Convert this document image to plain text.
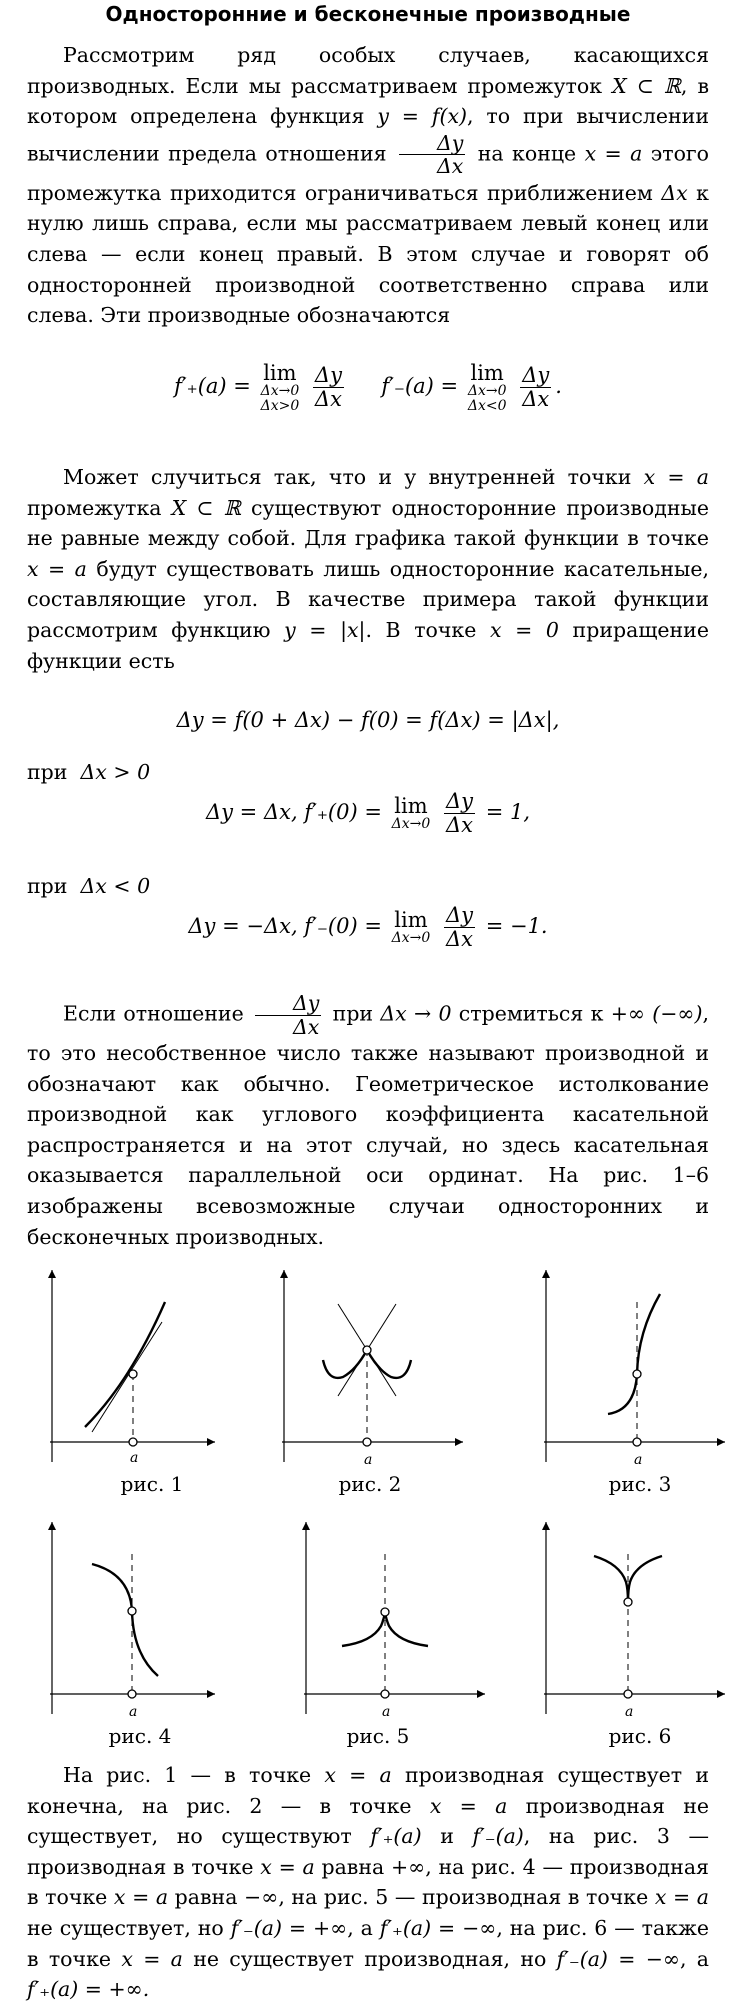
Односторонние и бесконечные производные

Рассмотрим ряд особых случаев, касающихся производных. Если мы рассматриваем промежуток X ⊂ ℝ, в котором определена функция y = f(x), то при вычислении вычислении предела отношения $\frac{\Delta y}{\Delta x}$ на конце x = a этого промежутка приходится ограничиваться приближением Δx к нулю лишь справа, если мы рассматриваем левый конец или слева — если конец правый. В этом случае и говорят об односторонней производной соответственно справа или слева. Эти производные обозначаются

f′₊(a) =
lim
Δx→0
Δx>0
$\frac{\Delta y}{\Delta x} f'_-(a)$ =
lim
Δx→0
Δx<0
$\frac{\Delta y}{\Delta x}$ .

Может случиться так, что и у внутренней точки x = a промежутка X ⊂ ℝ существуют односторонние производные не равные между собой. Для графика такой функции в точке x = a будут существовать лишь односторонние касательные, составляющие угол. В качестве примера такой функции рассмотрим функцию y = |x|. В точке x = 0 приращение функции есть

Δy = f(0 + Δx) − f(0) = f(Δx) = |Δx|,
при Δx > 0
Δy = Δx, f′₊(0) = lim
Δx→0
$\frac{\Delta y}{\Delta x} = 1$,
при Δx < 0
Δy = −Δx, f′₋(0) = lim
Δx→0
$\frac{\Delta y}{\Delta x} = -1$.

Если отношение $\frac{\Delta y}{\Delta x}$ при Δx → 0 стремиться к +∞ (−∞), то это несобственное число также называют производной и обозначают как обычно. Геометрическое истолкование производной как углового коэффициента касательной распространяется и на этот случай, но здесь касательная оказывается параллельной оси ординат. На рис. 1–6 изображены всевозможные случаи односторонних и бесконечных производных.

a
рис. 1
a
рис. 2
a
рис. 3
a
рис. 4
a
рис. 5
a
рис. 6

На рис. 1 — в точке x = a производная существует и конечна, на рис. 2 — в точке x = a производная не существует, но существуют f′₊(a) и f′₋(a), на рис. 3 — производная в точке x = a равна +∞, на рис. 4 — производная в точке x = a равна −∞, на рис. 5 — производная в точке x = a не существует, но f′₋(a) = +∞, а f′₊(a) = −∞, на рис. 6 — также в точке x = a не существует производная, но f′₋(a) = −∞, а f′₊(a) = +∞.
